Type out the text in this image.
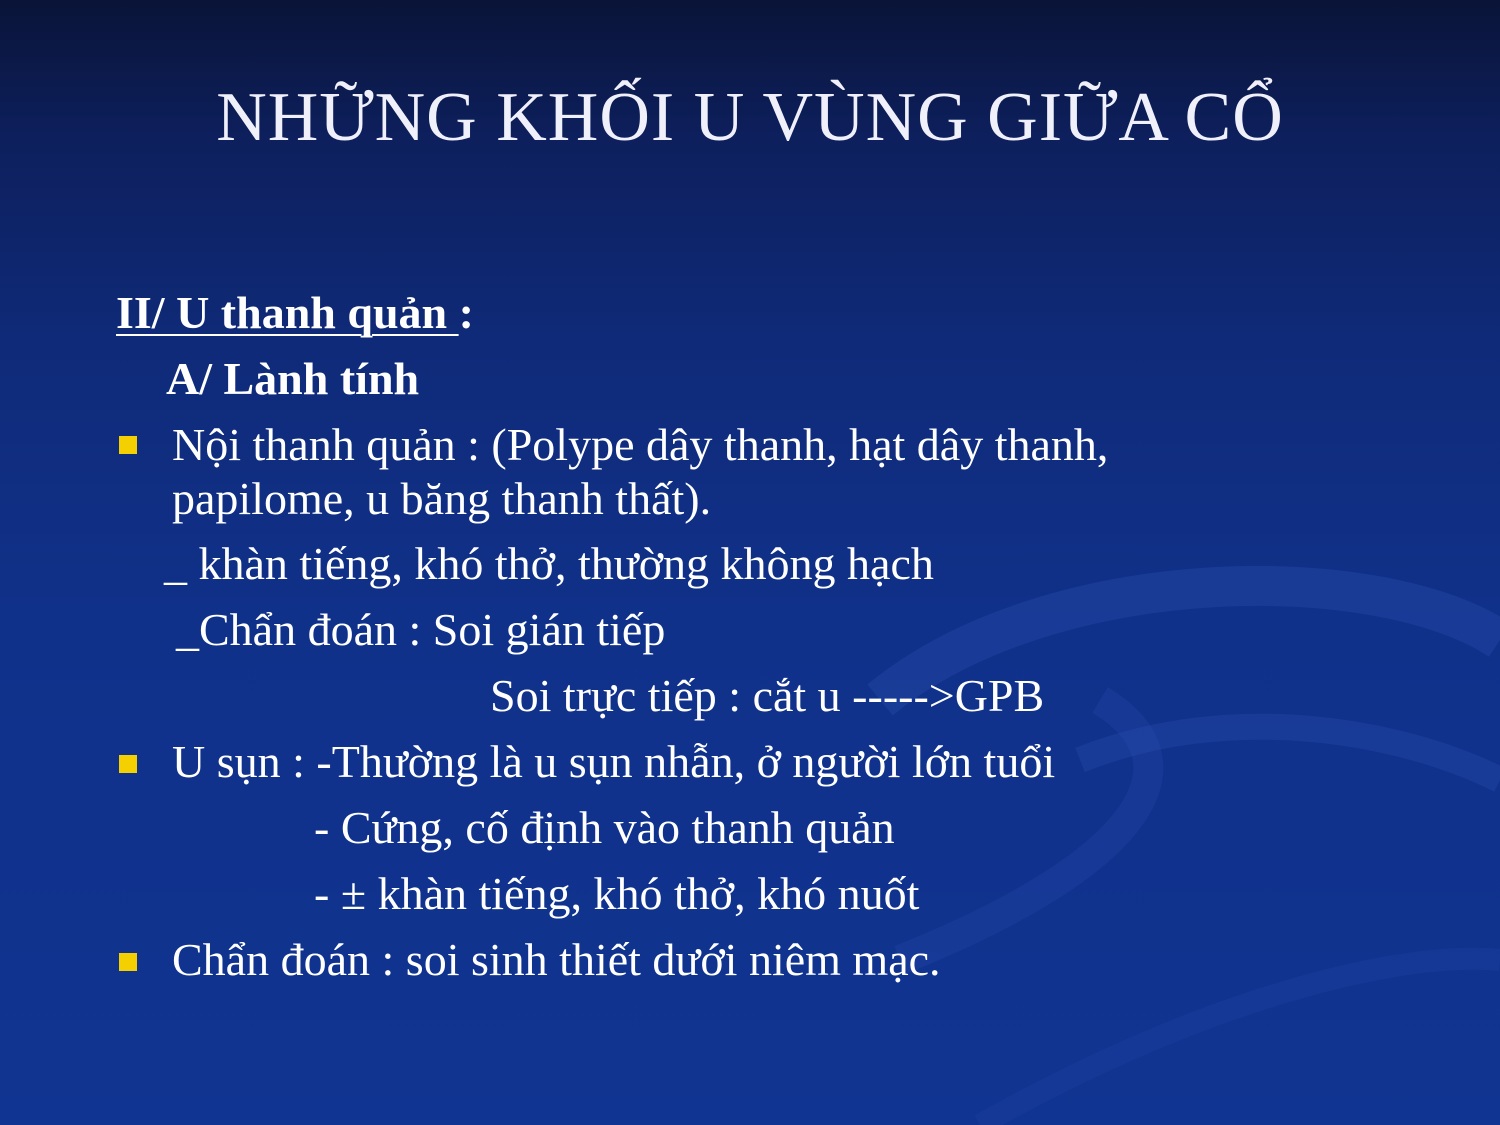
NHỮNG KHỐI U VÙNG GIỮA CỔ
II/ U thanh quản :
A/ Lành tính
Nội thanh quản : (Polype dây thanh, hạt dây thanh,
papilome, u băng thanh thất).
_ khàn tiếng, khó thở, thường không hạch
_Chẩn đoán : Soi gián tiếp
Soi trực tiếp : cắt u ----->GPB
U sụn : -Thường là u sụn nhẫn, ở người lớn tuổi
- Cứng, cố định vào thanh quản
- ± khàn tiếng, khó thở, khó nuốt
Chẩn đoán : soi sinh thiết dưới niêm mạc.
